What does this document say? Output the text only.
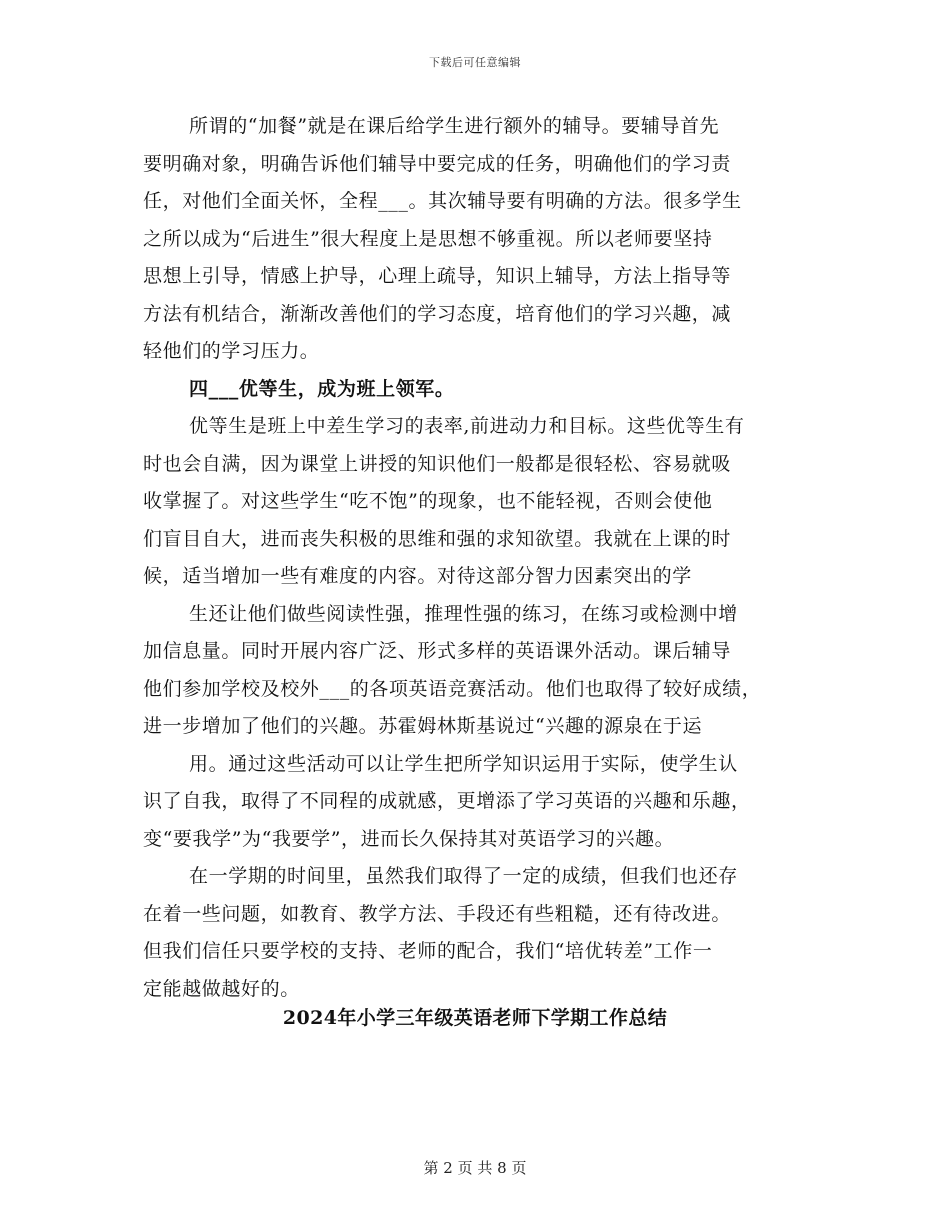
下载后可任意编辑
所谓的“加餐”就是在课后给学生进行额外的辅导。要辅导首先
要明确对象，明确告诉他们辅导中要完成的任务，明确他们的学习责
任，对他们全面关怀，全程___。其次辅导要有明确的方法。很多学生
之所以成为“后进生”很大程度上是思想不够重视。所以老师要坚持
思想上引导，情感上护导，心理上疏导，知识上辅导，方法上指导等
方法有机结合，渐渐改善他们的学习态度，培育他们的学习兴趣，减
轻他们的学习压力。
四___优等生，成为班上领军。
优等生是班上中差生学习的表率,前进动力和目标。这些优等生有
时也会自满，因为课堂上讲授的知识他们一般都是很轻松、容易就吸
收掌握了。对这些学生“吃不饱”的现象，也不能轻视，否则会使他
们盲目自大，进而丧失积极的思维和强的求知欲望。我就在上课的时
候，适当增加一些有难度的内容。对待这部分智力因素突出的学
生还让他们做些阅读性强，推理性强的练习，在练习或检测中增
加信息量。同时开展内容广泛、形式多样的英语课外活动。课后辅导
他们参加学校及校外___的各项英语竞赛活动。他们也取得了较好成绩，
进一步增加了他们的兴趣。苏霍姆林斯基说过“兴趣的源泉在于运
用。通过这些活动可以让学生把所学知识运用于实际，使学生认
识了自我，取得了不同程的成就感，更增添了学习英语的兴趣和乐趣，
变“要我学”为“我要学”，进而长久保持其对英语学习的兴趣。
在一学期的时间里，虽然我们取得了一定的成绩，但我们也还存
在着一些问题，如教育、教学方法、手段还有些粗糙，还有待改进。
但我们信任只要学校的支持、老师的配合，我们“培优转差”工作一
定能越做越好的。
2024年小学三年级英语老师下学期工作总结
第 2 页 共 8 页
